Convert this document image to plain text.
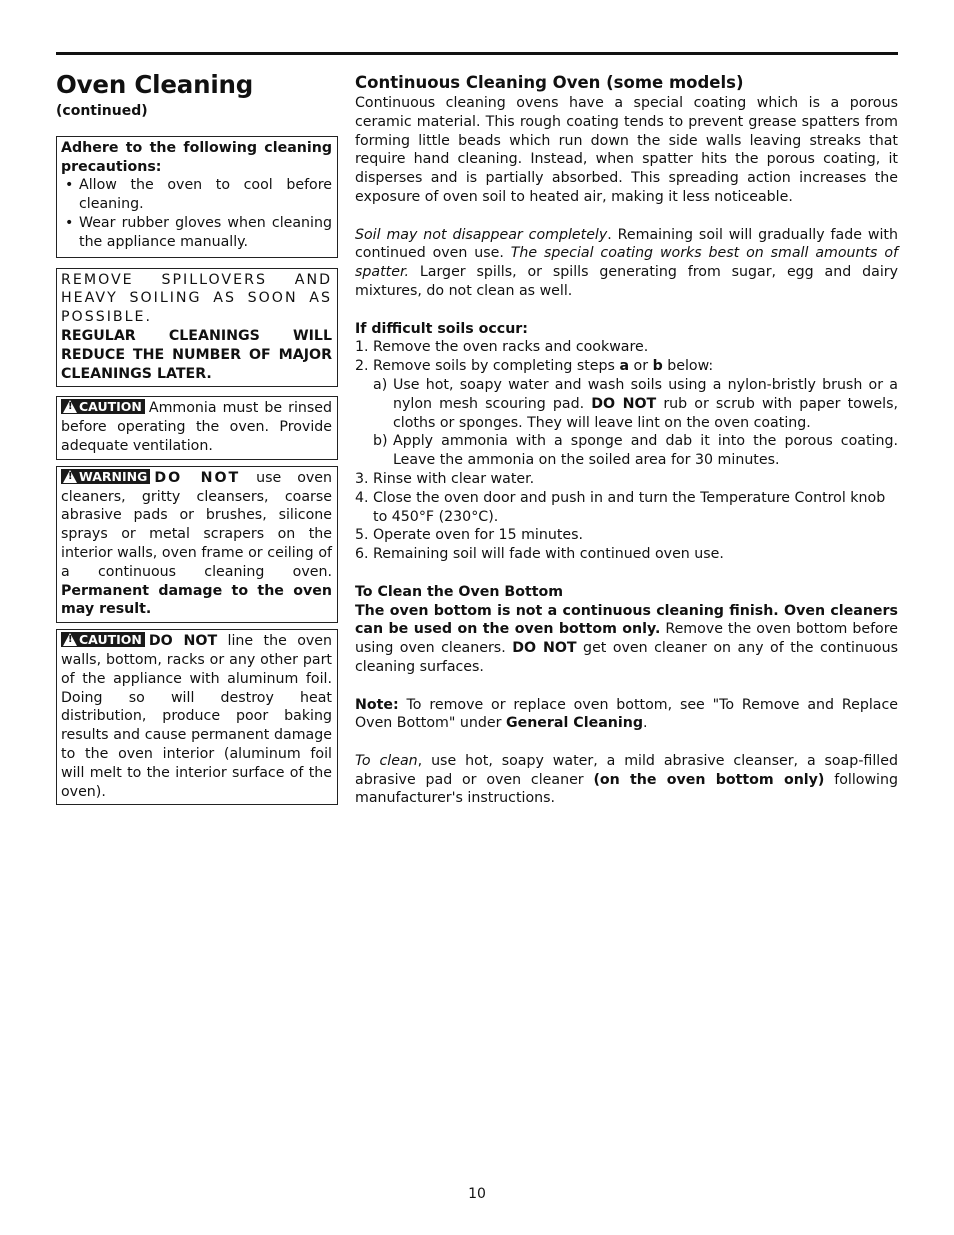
Oven Cleaning
(continued)

Adhere to the following cleaning precautions:

• Allow the oven to cool before cleaning.
• Wear rubber gloves when cleaning the appliance manually.

REMOVE SPILLOVERS AND HEAVY SOILING AS SOON AS POSSIBLE.

REGULAR CLEANINGS WILL REDUCE THE NUMBER OF MAJOR CLEANINGS LATER.

!CAUTION Ammonia must be rinsed before operating the oven. Provide adequate ventilation.

!WARNING DO NOT use oven cleaners, gritty cleansers, coarse abrasive pads or brushes, silicone sprays or metal scrapers on the interior walls, oven frame or ceiling of a continuous cleaning oven. Permanent damage to the oven may result.

!CAUTION DO NOT line the oven walls, bottom, racks or any other part of the appliance with aluminum foil. Doing so will destroy heat distribution, produce poor baking results and cause permanent damage to the oven interior (aluminum foil will melt to the interior surface of the oven).

Continuous Cleaning Oven (some models)

Continuous cleaning ovens have a special coating which is a porous ceramic material. This rough coating tends to prevent grease spatters from forming little beads which run down the side walls leaving streaks that require hand cleaning. Instead, when spatter hits the porous coating, it disperses and is partially absorbed. This spreading action increases the exposure of oven soil to heated air, making it less noticeable.

Soil may not disappear completely. Remaining soil will gradually fade with continued oven use. The special coating works best on small amounts of spatter. Larger spills, or spills generating from sugar, egg and dairy mixtures, do not clean as well.

If difficult soils occur:

1. Remove the oven racks and cookware.
2. Remove soils by completing steps a or b below:
a) Use hot, soapy water and wash soils using a nylon-bristly brush or a nylon mesh scouring pad. DO NOT rub or scrub with paper towels, cloths or sponges. They will leave lint on the oven coating.
b) Apply ammonia with a sponge and dab it into the porous coating. Leave the ammonia on the soiled area for 30 minutes.
3. Rinse with clear water.
4. Close the oven door and push in and turn the Temperature Control knob to 450°F (230°C).
5. Operate oven for 15 minutes.
6. Remaining soil will fade with continued oven use.

To Clean the Oven Bottom

The oven bottom is not a continuous cleaning finish. Oven cleaners can be used on the oven bottom only. Remove the oven bottom before using oven cleaners. DO NOT get oven cleaner on any of the continuous cleaning surfaces.

Note: To remove or replace oven bottom, see "To Remove and Replace Oven Bottom" under General Cleaning.

To clean, use hot, soapy water, a mild abrasive cleanser, a soap-filled abrasive pad or oven cleaner (on the oven bottom only) following manufacturer's instructions.

10
